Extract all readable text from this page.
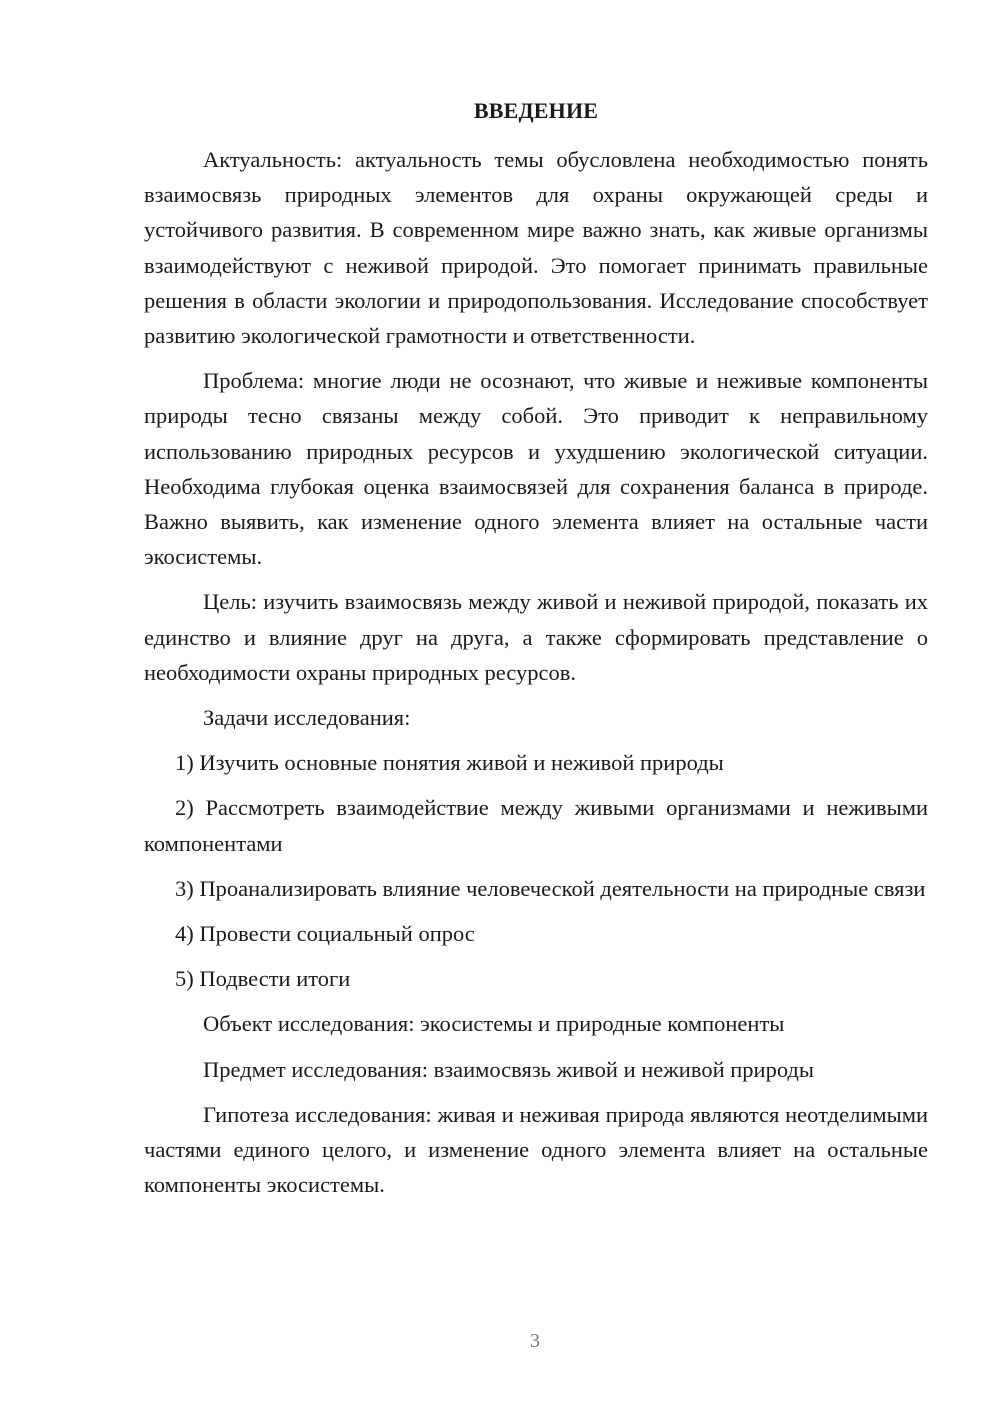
ВВЕДЕНИЕ

Актуальность: актуальность темы обусловлена необходимостью понять взаимосвязь природных элементов для охраны окружающей среды и устойчивого развития. В современном мире важно знать, как живые организмы взаимодействуют с неживой природой. Это помогает принимать правильные решения в области экологии и природопользования. Исследование способствует развитию экологической грамотности и ответственности.

Проблема: многие люди не осознают, что живые и неживые компоненты природы тесно связаны между собой. Это приводит к неправильному использованию природных ресурсов и ухудшению экологической ситуации. Необходима глубокая оценка взаимосвязей для сохранения баланса в природе. Важно выявить, как изменение одного элемента влияет на остальные части экосистемы.

Цель: изучить взаимосвязь между живой и неживой природой, показать их единство и влияние друг на друга, а также сформировать представление о необходимости охраны природных ресурсов.

Задачи исследования:

1) Изучить основные понятия живой и неживой природы

2) Рассмотреть взаимодействие между живыми организмами и неживыми компонентами

3) Проанализировать влияние человеческой деятельности на природные связи

4) Провести социальный опрос

5) Подвести итоги

Объект исследования: экосистемы и природные компоненты

Предмет исследования: взаимосвязь живой и неживой природы

Гипотеза исследования: живая и неживая природа являются неотделимыми частями единого целого, и изменение одного элемента влияет на остальные компоненты экосистемы.

3
